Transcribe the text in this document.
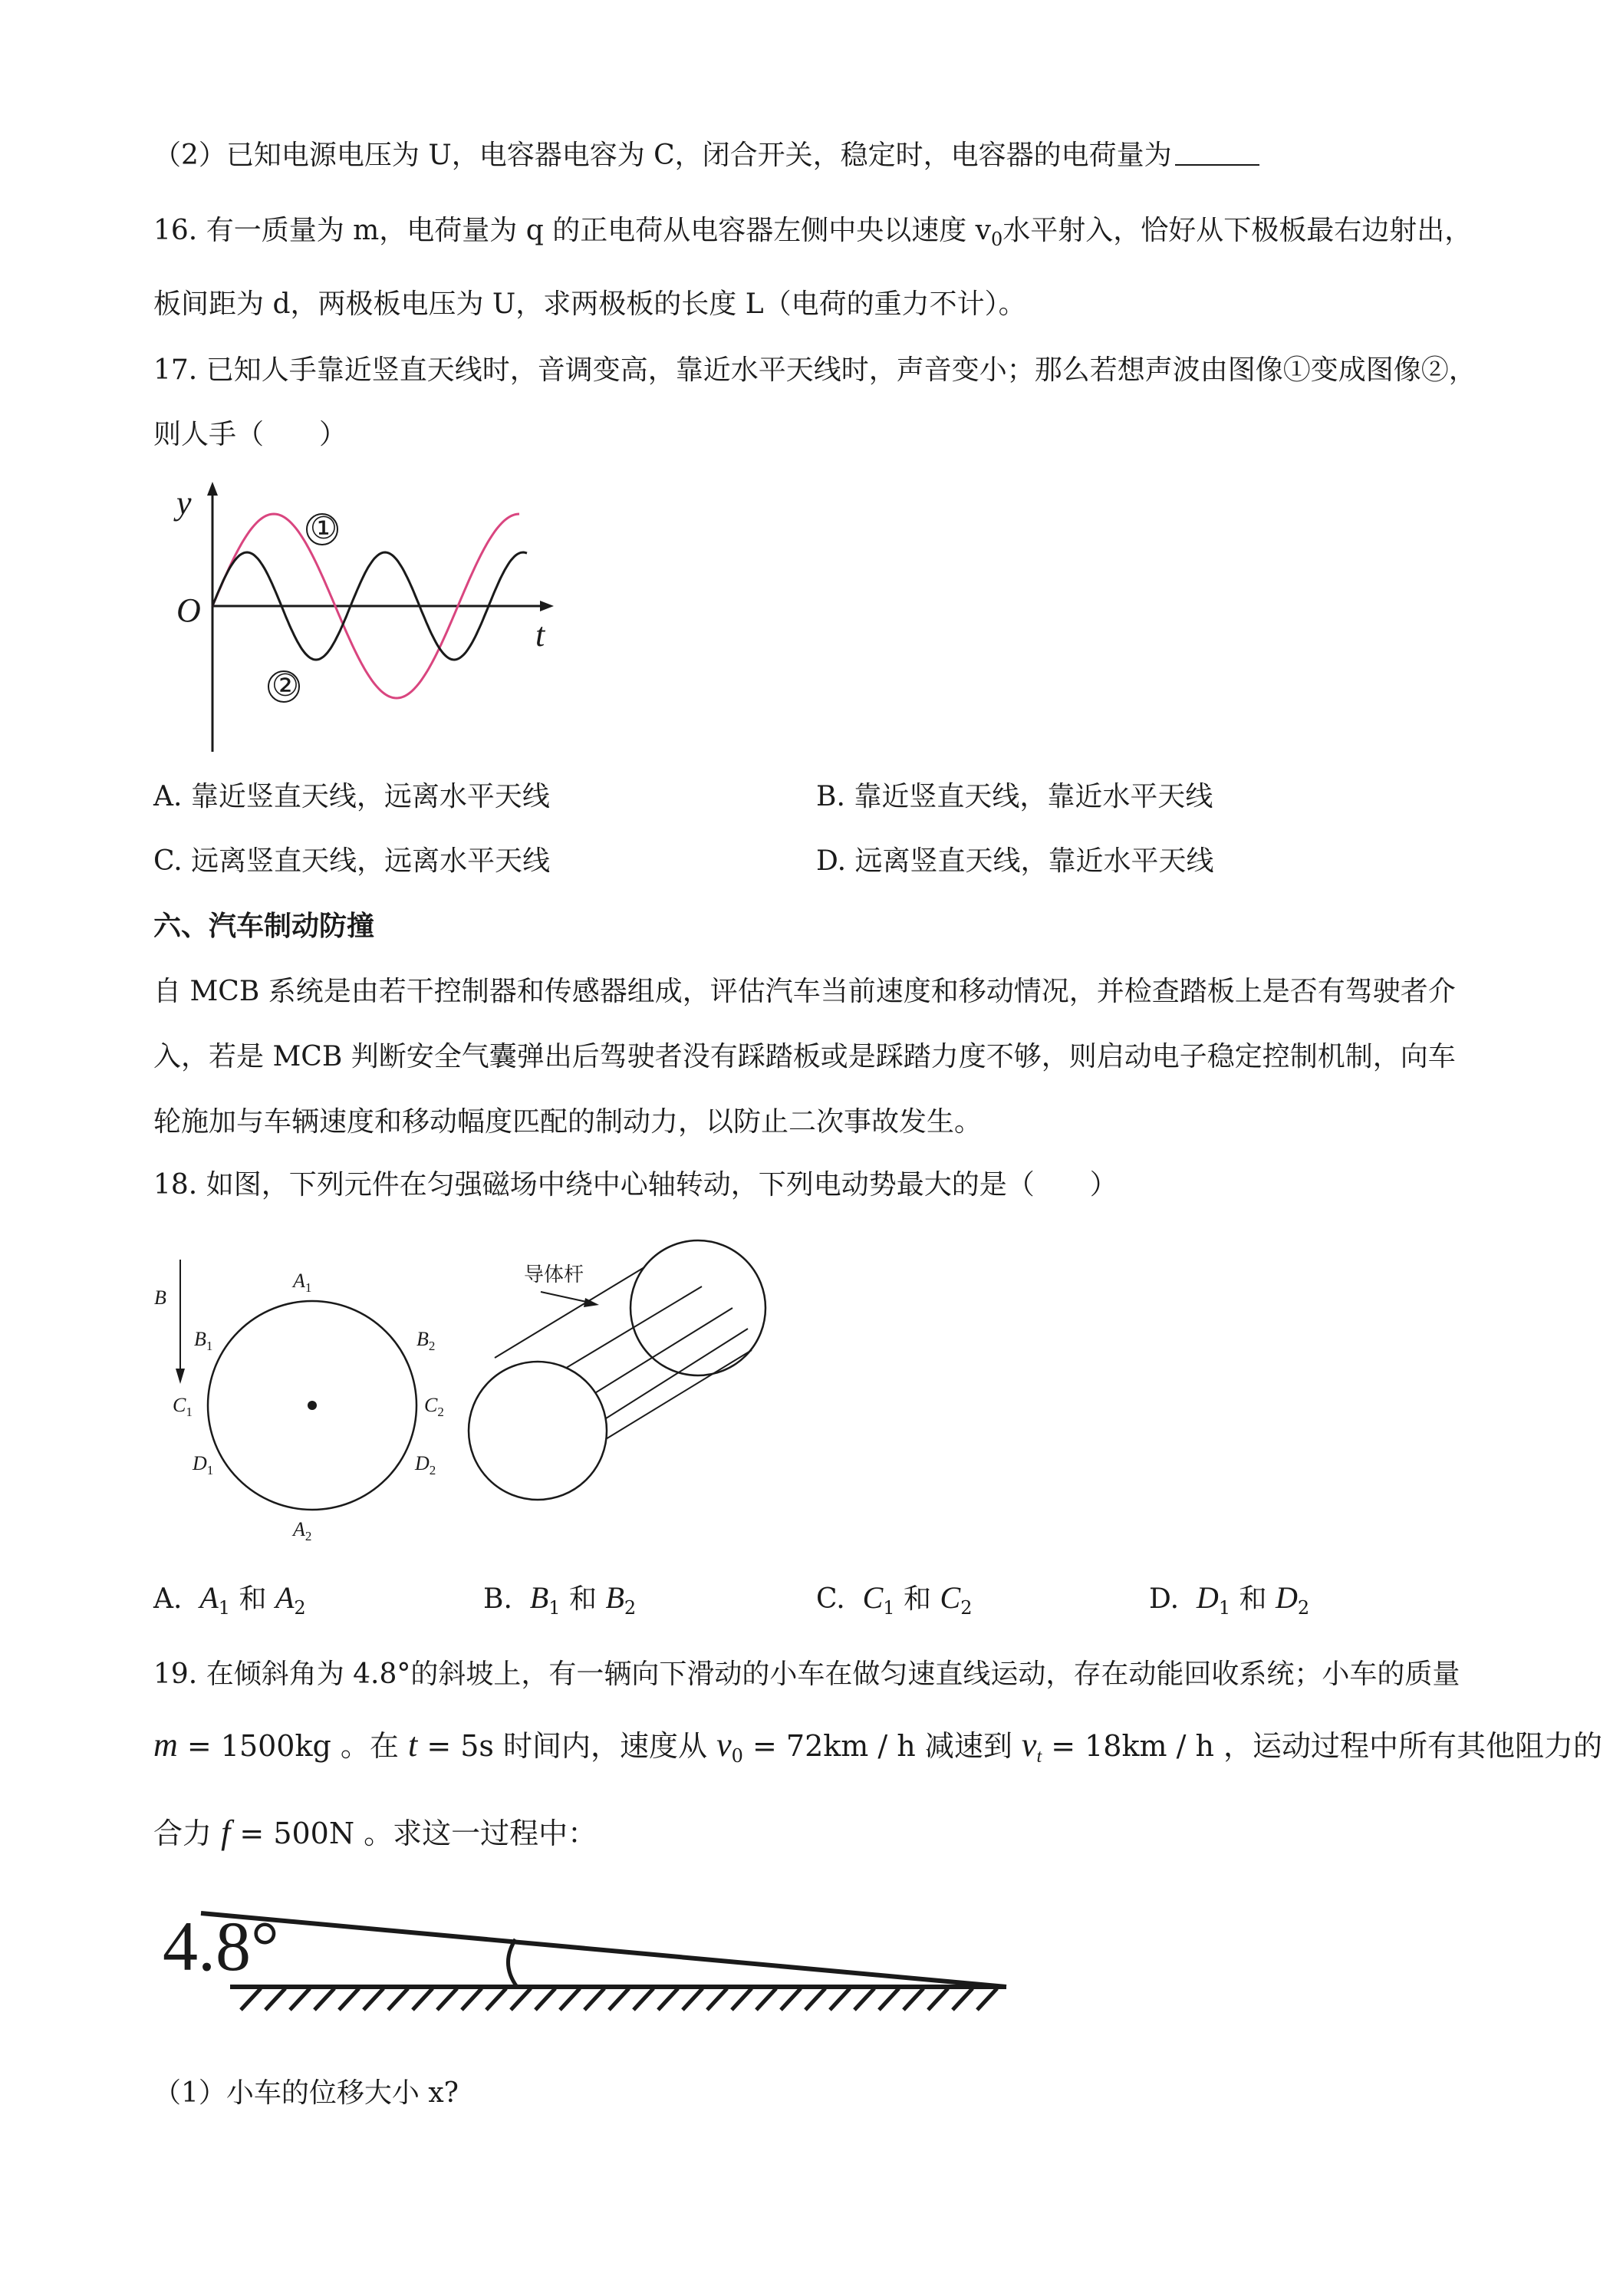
（2）已知电源电压为 U，电容器电容为 C，闭合开关，稳定时，电容器的电荷量为
16. 有一质量为 m，电荷量为 q 的正电荷从电容器左侧中央以速度 $v_0$水平射入，恰好从下极板最右边射出，
板间距为 d，两极板电压为 U，求两极板的长度 L（电荷的重力不计）。
17. 已知人手靠近竖直天线时，音调变高，靠近水平天线时，声音变小；那么若想声波由图像①变成图像②，
则人手（　　）
y
t
O
①
②
A. 靠近竖直天线，远离水平天线	B. 靠近竖直天线，靠近水平天线
C. 远离竖直天线，远离水平天线	D. 远离竖直天线，靠近水平天线
六、汽车制动防撞
自 MCB 系统是由若干控制器和传感器组成，评估汽车当前速度和移动情况，并检查踏板上是否有驾驶者介
入，若是 MCB 判断安全气囊弹出后驾驶者没有踩踏板或是踩踏力度不够，则启动电子稳定控制机制，向车
轮施加与车辆速度和移动幅度匹配的制动力，以防止二次事故发生。
18. 如图，下列元件在匀强磁场中绕中心轴转动，下列电动势最大的是（　　）
B
$A_1$
$A_2$
$B_1$	$B_2$
$C_1$	$C_2$
$D_1$	$D_2$
导体杆
A. $A_1$ 和 $A_2$	B. $B_1$ 和 $B_2$	C. $C_1$ 和 $C_2$	D. $D_1$ 和 $D_2$
19. 在倾斜角为 4.8°的斜坡上，有一辆向下滑动的小车在做匀速直线运动，存在动能回收系统；小车的质量
m = 1500kg 。在 t = 5s 时间内，速度从 $v_0 = 72km / h$ 减速到 $v_t = 18km / h$ ，运动过程中所有其他阻力的
合力 f = 500N 。求这一过程中：
4.8°
（1）小车的位移大小 x?
